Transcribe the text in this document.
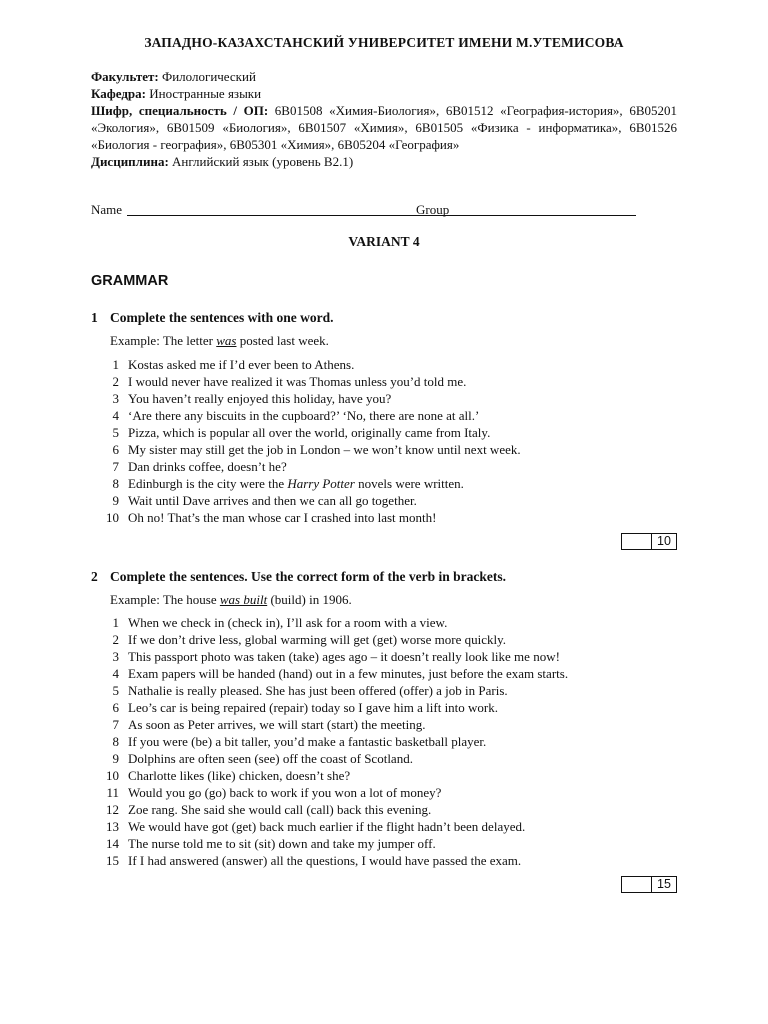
ЗАПАДНО-КАЗАХСТАНСКИЙ УНИВЕРСИТЕТ ИМЕНИ М.УТЕМИСОВА

Факультет: Филологический

Кафедра: Иностранные языки

Шифр, специальность / ОП: 6В01508 «Химия-Биология», 6В01512 «География-история», 6В05201 «Экология», 6В01509 «Биология», 6В01507 «Химия», 6В01505 «Физика - информатика», 6В01526 «Биология - география», 6В05301 «Химия», 6В05204 «География»

Дисциплина: Английский язык (уровень В2.1)

Name	Group
VARIANT 4
GRAMMAR
1 Complete the sentences with one word.
Example: The letter was posted last week.
1 Kostas asked me if I’d ever been to Athens.
2 I would never have realized it was Thomas unless you’d told me.
3 You haven’t really enjoyed this holiday, have you?
4 ‘Are there any biscuits in the cupboard?’ ‘No, there are none at all.’
5 Pizza, which is popular all over the world, originally came from Italy.
6 My sister may still get the job in London – we won’t know until next week.
7 Dan drinks coffee, doesn’t he?
8 Edinburgh is the city were the Harry Potter novels were written.
9 Wait until Dave arrives and then we can all go together.
10 Oh no! That’s the man whose car I crashed into last month!
10
2 Complete the sentences. Use the correct form of the verb in brackets.
Example: The house was built (build) in 1906.
1 When we check in (check in), I’ll ask for a room with a view.
2 If we don’t drive less, global warming will get (get) worse more quickly.
3 This passport photo was taken (take) ages ago – it doesn’t really look like me now!
4 Exam papers will be handed (hand) out in a few minutes, just before the exam starts.
5 Nathalie is really pleased. She has just been offered (offer) a job in Paris.
6 Leo’s car is being repaired (repair) today so I gave him a lift into work.
7 As soon as Peter arrives, we will start (start) the meeting.
8 If you were (be) a bit taller, you’d make a fantastic basketball player.
9 Dolphins are often seen (see) off the coast of Scotland.
10 Charlotte likes (like) chicken, doesn’t she?
11 Would you go (go) back to work if you won a lot of money?
12 Zoe rang. She said she would call (call) back this evening.
13 We would have got (get) back much earlier if the flight hadn’t been delayed.
14 The nurse told me to sit (sit) down and take my jumper off.
15 If I had answered (answer) all the questions, I would have passed the exam.
15
